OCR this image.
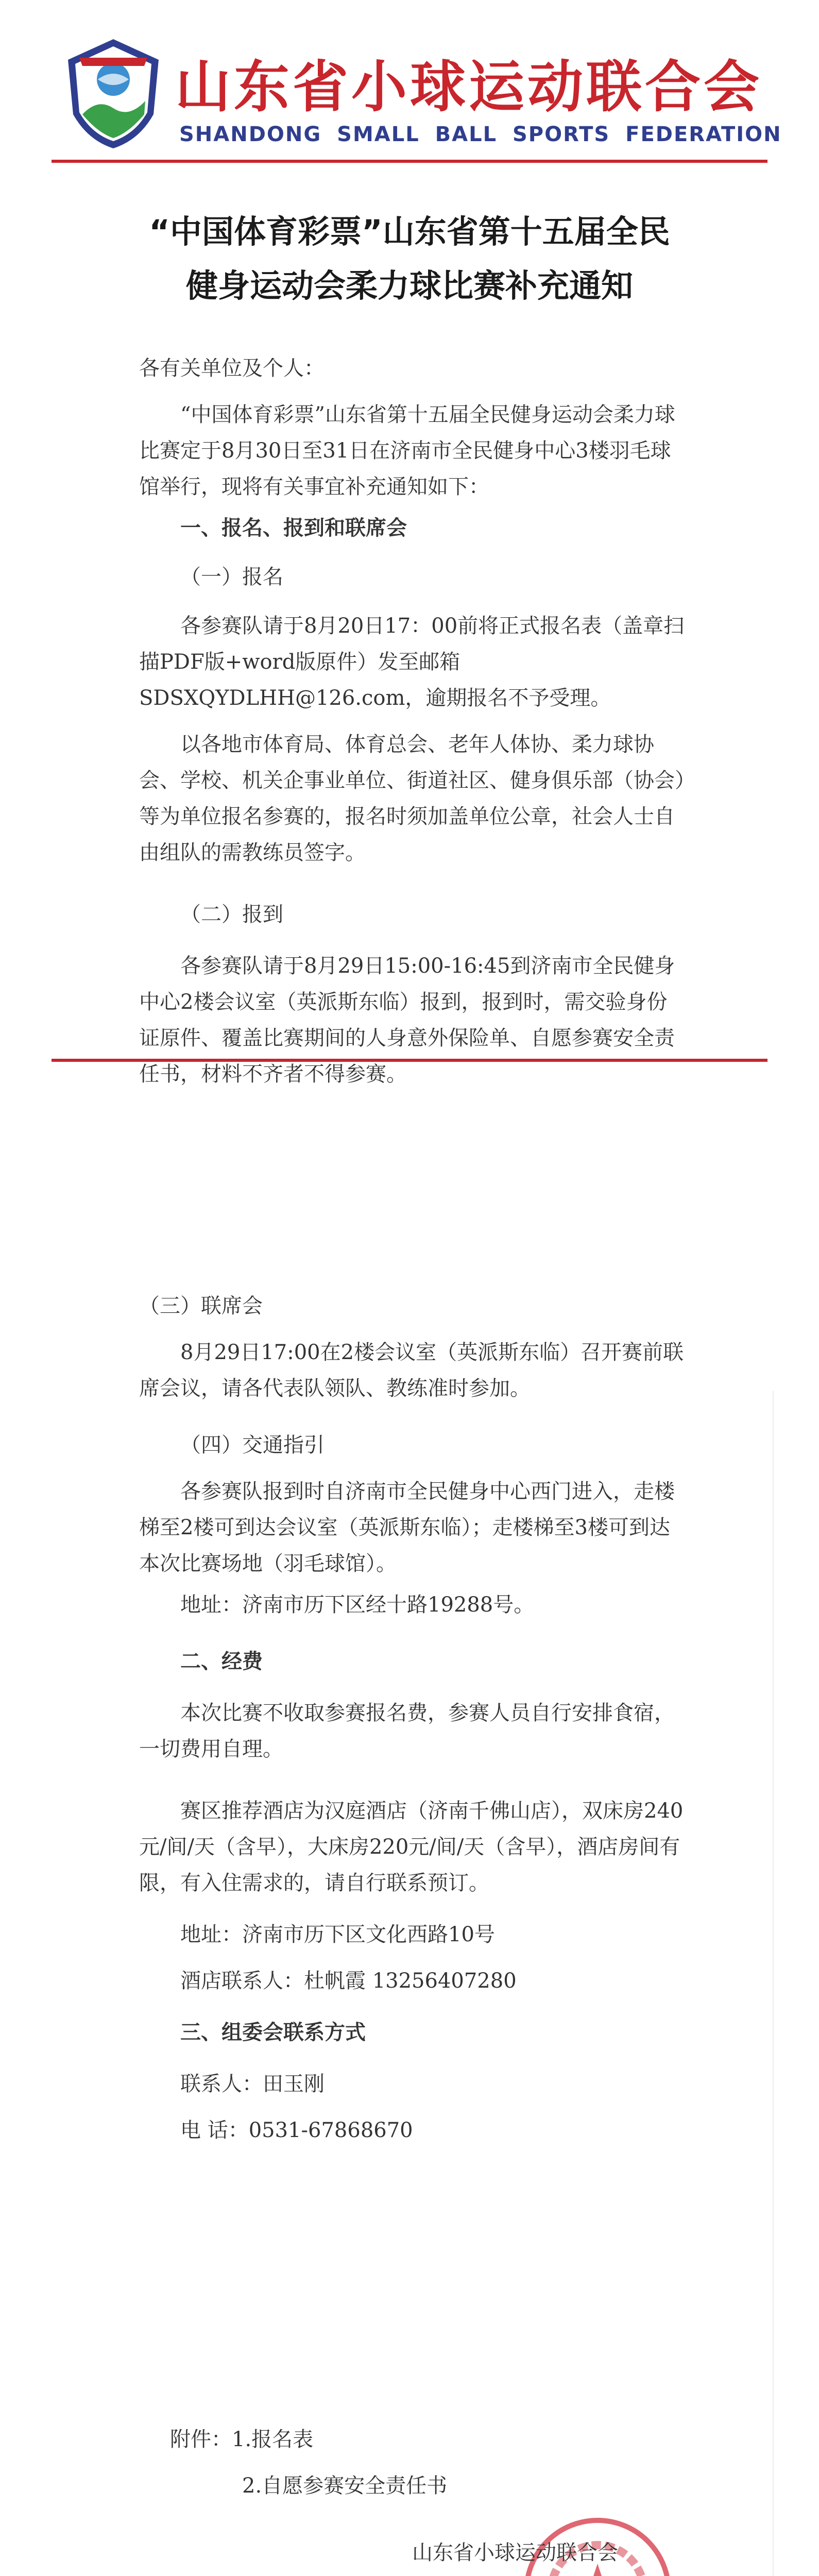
山东省小球运动联合会
SHANDONG SMALL BALL SPORTS FEDERATION
“中国体育彩票”山东省第十五届全民
健身运动会柔力球比赛补充通知
各有关单位及个人：
“中国体育彩票”山东省第十五届全民健身运动会柔力球比赛定于8月30日至31日在济南市全民健身中心3楼羽毛球馆举行，现将有关事宜补充通知如下：
一、报名、报到和联席会
（一）报名
各参赛队请于8月20日17：00前将正式报名表（盖章扫描PDF版+word版原件）发至邮箱SDSXQYDLHH@126.com，逾期报名不予受理。
以各地市体育局、体育总会、老年人体协、柔力球协会、学校、机关企事业单位、街道社区、健身俱乐部（协会）等为单位报名参赛的，报名时须加盖单位公章，社会人士自由组队的需教练员签字。
（二）报到
各参赛队请于8月29日15:00-16:45到济南市全民健身中心2楼会议室（英派斯东临）报到，报到时，需交验身份证原件、覆盖比赛期间的人身意外保险单、自愿参赛安全责任书，材料不齐者不得参赛。
（三）联席会
8月29日17:00在2楼会议室（英派斯东临）召开赛前联席会议，请各代表队领队、教练准时参加。
（四）交通指引
各参赛队报到时自济南市全民健身中心西门进入，走楼梯至2楼可到达会议室（英派斯东临）；走楼梯至3楼可到达本次比赛场地（羽毛球馆）。
地址：济南市历下区经十路19288号。
二、经费
本次比赛不收取参赛报名费，参赛人员自行安排食宿，一切费用自理。
赛区推荐酒店为汉庭酒店（济南千佛山店），双床房240元/间/天（含早），大床房220元/间/天（含早），酒店房间有限，有入住需求的，请自行联系预订。
地址：济南市历下区文化西路10号
酒店联系人：杜帆霞 13256407280
三、组委会联系方式
联系人：田玉刚
电 话：0531-67868670
附件：1.报名表
2.自愿参赛安全责任书
山东省小球运动联合会
